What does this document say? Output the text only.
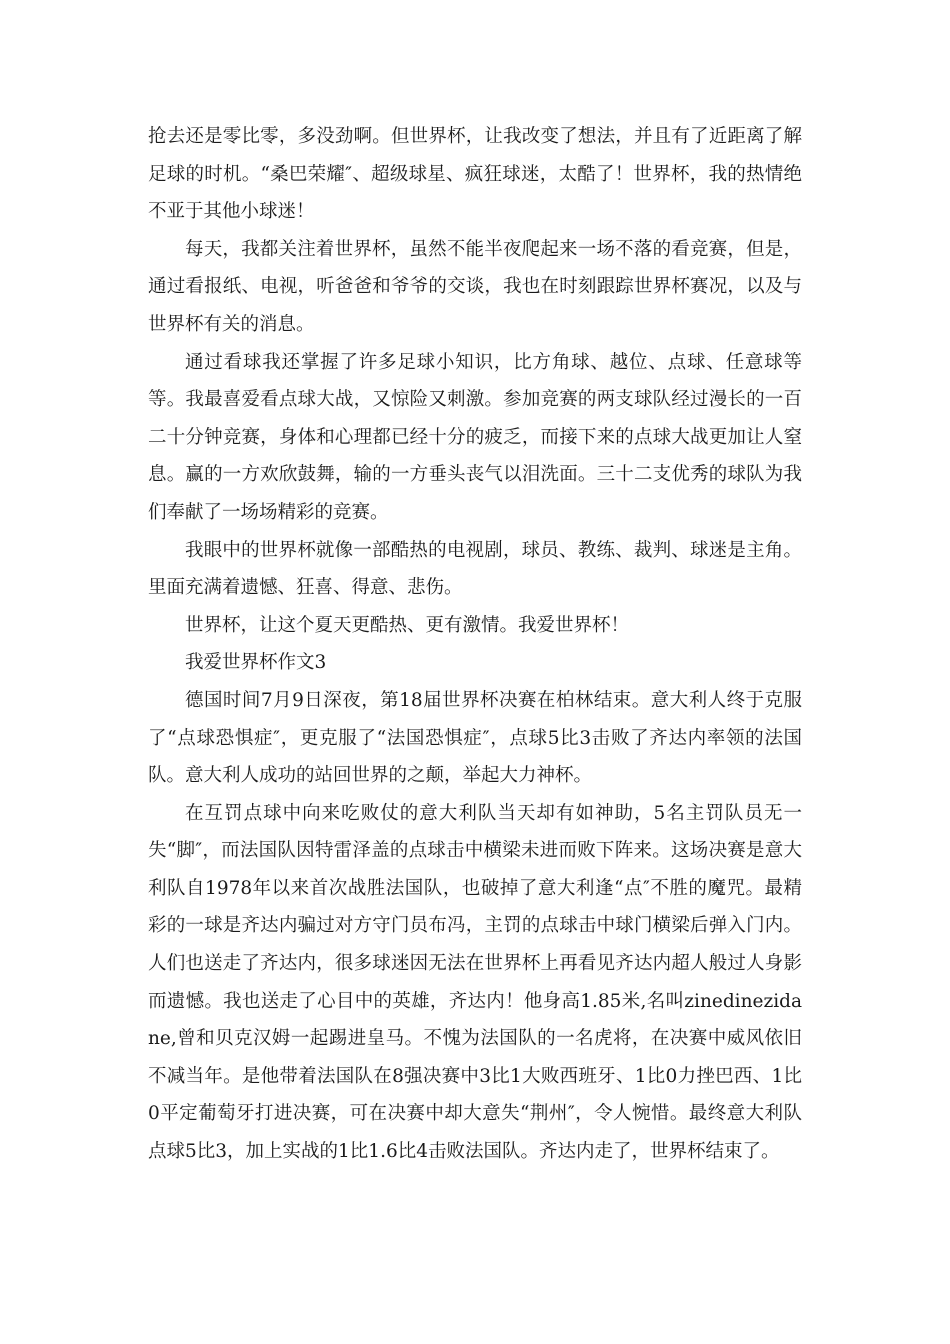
抢去还是零比零，多没劲啊。但世界杯，让我改变了想法，并且有了近距离了解足球的时机。“桑巴荣耀″、超级球星、疯狂球迷，太酷了！世界杯，我的热情绝不亚于其他小球迷！

每天，我都关注着世界杯，虽然不能半夜爬起来一场不落的看竞赛，但是，通过看报纸、电视，听爸爸和爷爷的交谈，我也在时刻跟踪世界杯赛况，以及与世界杯有关的消息。

通过看球我还掌握了许多足球小知识，比方角球、越位、点球、任意球等等。我最喜爱看点球大战，又惊险又刺激。参加竞赛的两支球队经过漫长的一百二十分钟竞赛，身体和心理都已经十分的疲乏，而接下来的点球大战更加让人窒息。赢的一方欢欣鼓舞，输的一方垂头丧气以泪洗面。三十二支优秀的球队为我们奉献了一场场精彩的竞赛。

我眼中的世界杯就像一部酷热的电视剧，球员、教练、裁判、球迷是主角。里面充满着遗憾、狂喜、得意、悲伤。

世界杯，让这个夏天更酷热、更有激情。我爱世界杯！

我爱世界杯作文3

德国时间7月9日深夜，第18届世界杯决赛在柏林结束。意大利人终于克服了“点球恐惧症″，更克服了“法国恐惧症″，点球5比3击败了齐达内率领的法国队。意大利人成功的站回世界的之颠，举起大力神杯。

在互罚点球中向来吃败仗的意大利队当天却有如神助，5名主罚队员无一失“脚″，而法国队因特雷泽盖的点球击中横梁未进而败下阵来。这场决赛是意大利队自1978年以来首次战胜法国队，也破掉了意大利逢“点″不胜的魔咒。最精彩的一球是齐达内骗过对方守门员布冯，主罚的点球击中球门横梁后弹入门内。人们也送走了齐达内，很多球迷因无法在世界杯上再看见齐达内超人般过人身影而遗憾。我也送走了心目中的英雄，齐达内！他身高1.85米,名叫zinedinezidane,曾和贝克汉姆一起踢进皇马。不愧为法国队的一名虎将，在决赛中威风依旧不减当年。是他带着法国队在8强决赛中3比1大败西班牙、1比0力挫巴西、1比0平定葡萄牙打进决赛，可在决赛中却大意失“荆州″，令人惋惜。最终意大利队点球5比3，加上实战的1比1.6比4击败法国队。齐达内走了，世界杯结束了。
